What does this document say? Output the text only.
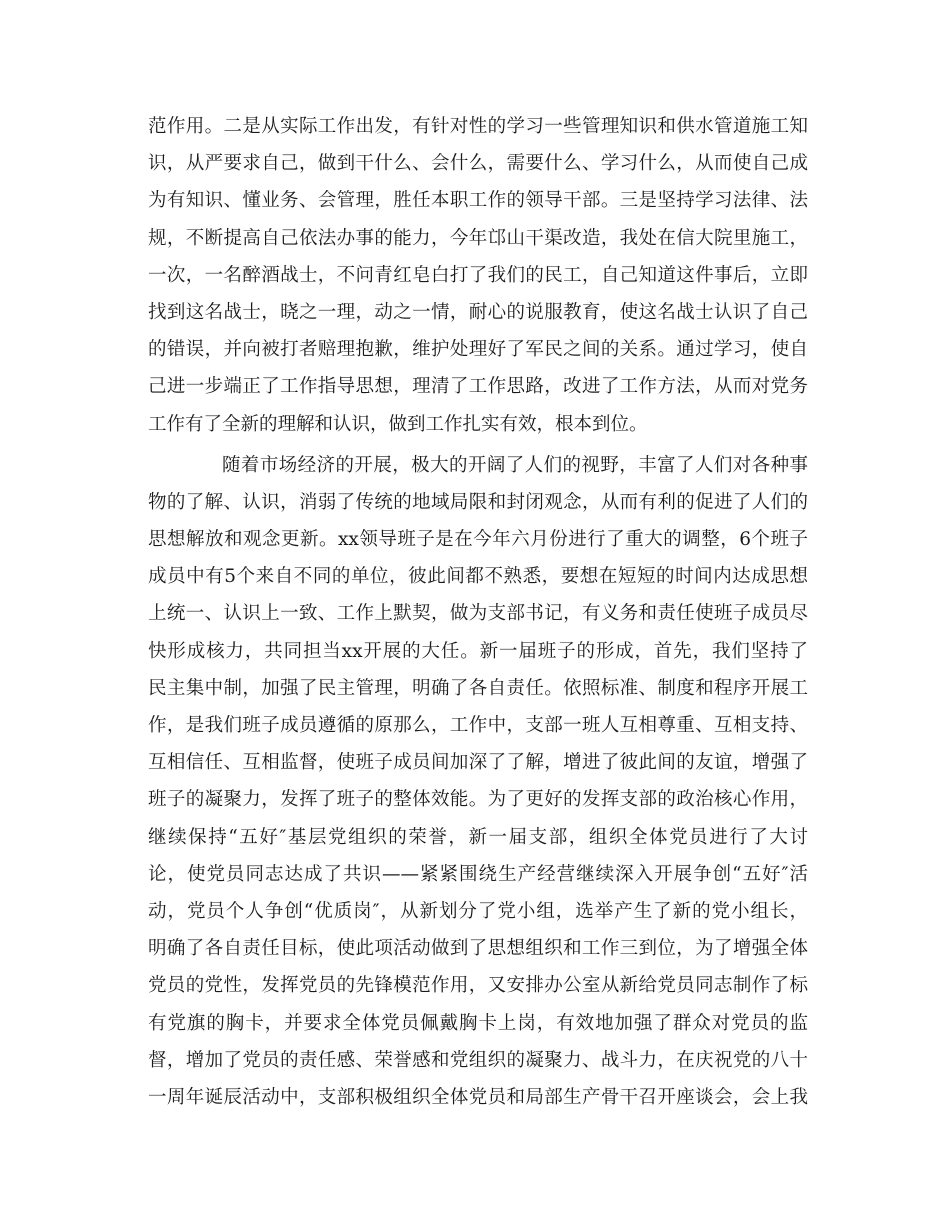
范作用。二是从实际工作出发，有针对性的学习一些管理知识和供水管道施工知
识，从严要求自己，做到干什么、会什么，需要什么、学习什么，从而使自己成
为有知识、懂业务、会管理，胜任本职工作的领导干部。三是坚持学习法律、法
规，不断提高自己依法办事的能力，今年邙山干渠改造，我处在信大院里施工，
一次，一名醉酒战士，不问青红皂白打了我们的民工，自己知道这件事后，立即
找到这名战士，晓之一理，动之一情，耐心的说服教育，使这名战士认识了自己
的错误，并向被打者赔理抱歉，维护处理好了军民之间的关系。通过学习，使自
己进一步端正了工作指导思想，理清了工作思路，改进了工作方法，从而对党务
工作有了全新的理解和认识，做到工作扎实有效，根本到位。
随着市场经济的开展，极大的开阔了人们的视野，丰富了人们对各种事
物的了解、认识，消弱了传统的地域局限和封闭观念，从而有利的促进了人们的
思想解放和观念更新。xx领导班子是在今年六月份进行了重大的调整，6个班子
成员中有5个来自不同的单位，彼此间都不熟悉，要想在短短的时间内达成思想
上统一、认识上一致、工作上默契，做为支部书记，有义务和责任使班子成员尽
快形成核力，共同担当xx开展的大任。新一届班子的形成，首先，我们坚持了
民主集中制，加强了民主管理，明确了各自责任。依照标准、制度和程序开展工
作，是我们班子成员遵循的原那么，工作中，支部一班人互相尊重、互相支持、
互相信任、互相监督，使班子成员间加深了了解，增进了彼此间的友谊，增强了
班子的凝聚力，发挥了班子的整体效能。为了更好的发挥支部的政治核心作用，
继续保持“五好″基层党组织的荣誉，新一届支部，组织全体党员进行了大讨
论，使党员同志达成了共识——紧紧围绕生产经营继续深入开展争创“五好″活
动，党员个人争创“优质岗″，从新划分了党小组，选举产生了新的党小组长，
明确了各自责任目标，使此项活动做到了思想组织和工作三到位，为了增强全体
党员的党性，发挥党员的先锋模范作用，又安排办公室从新给党员同志制作了标
有党旗的胸卡，并要求全体党员佩戴胸卡上岗，有效地加强了群众对党员的监
督，增加了党员的责任感、荣誉感和党组织的凝聚力、战斗力，在庆祝党的八十
一周年诞辰活动中，支部积极组织全体党员和局部生产骨干召开座谈会，会上我
